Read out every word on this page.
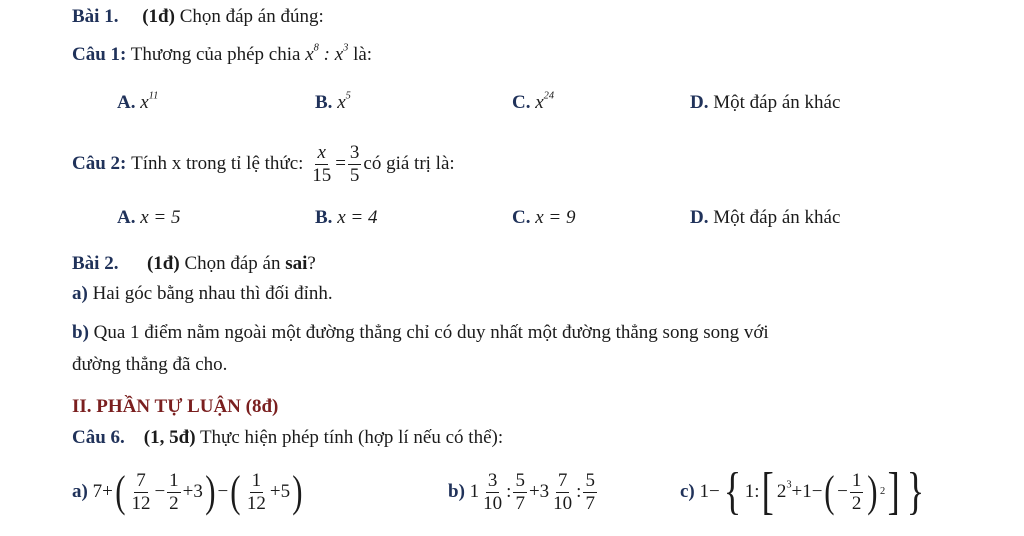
Bài 1. (1đ) Chọn đáp án đúng:
Câu 1: Thương của phép chia $x^8$ : $x^3$ là:
A. $x^{11}$	B. $x^5$	C. $x^{24}$	D. Một đáp án khác
Câu 2:
Tính x trong tỉ lệ thức:
$\frac{x}{15} = \frac{3}{5}$ có giá trị là:
A. x = 5	B. x = 4	C. x = 9	D. Một đáp án khác
Bài 2. (1đ) Chọn đáp án sai?
a) Hai góc bằng nhau thì đối đỉnh.
b) Qua 1 điểm nằm ngoài một đường thẳng chỉ có duy nhất một đường thẳng song song với
đường thẳng đã cho.
II. PHẦN TỰ LUẬN (8đ)
Câu 6. (1, 5đ) Thực hiện phép tính (hợp lí nếu có thể):
a)
7+ ( $\frac{7}{12} - \frac{1}{2} +3$ ) − ( $\frac{1}{12} +5$ )	b)
$1 \frac{3}{10}$ : $\frac{5}{7} +3 \frac{7}{10}$ : $\frac{5}{7}$	c)
1− { 1: [ $2^3 +1-$ ( − $\frac{1}{2}$ ) 2 ] }
